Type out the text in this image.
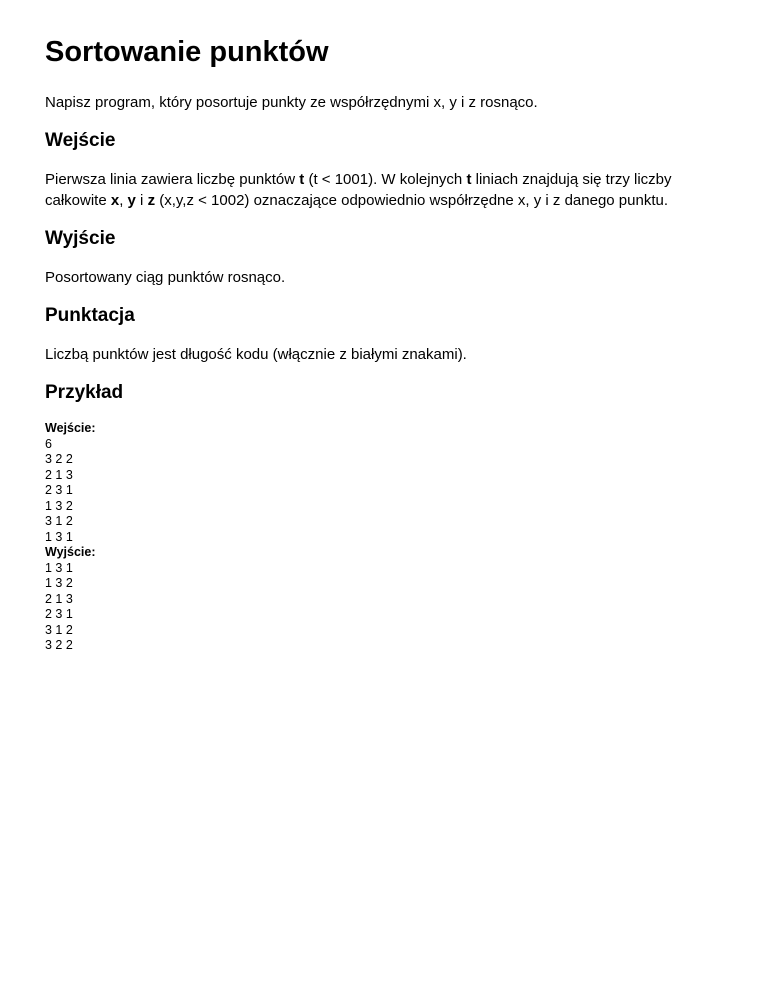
Sortowanie punktów

Napisz program, który posortuje punkty ze współrzędnymi x, y i z rosnąco.

Wejście

Pierwsza linia zawiera liczbę punktów t (t < 1001). W kolejnych t liniach znajdują się trzy liczby całkowite x, y i z (x,y,z < 1002) oznaczające odpowiednio współrzędne x, y i z danego punktu.

Wyjście

Posortowany ciąg punktów rosnąco.

Punktacja

Liczbą punktów jest długość kodu (włącznie z białymi znakami).

Przykład
Wejście:
6
3 2 2
2 1 3
2 3 1
1 3 2
3 1 2
1 3 1
Wyjście:
1 3 1
1 3 2
2 1 3
2 3 1
3 1 2
3 2 2
